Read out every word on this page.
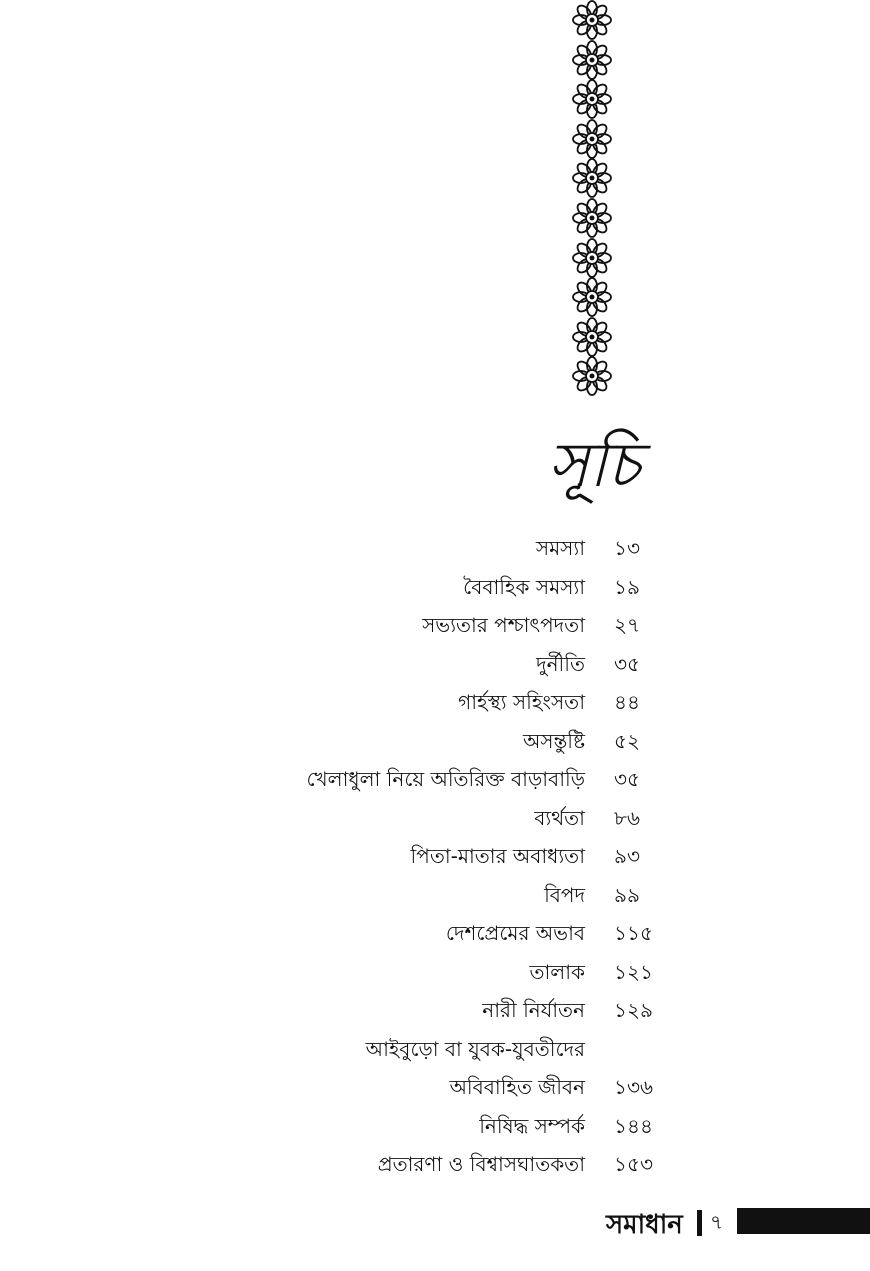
সূচি
সমস্যা ১৩
বৈবাহিক সমস্যা ১৯
সভ্যতার পশ্চাৎপদতা ২৭
দুর্নীতি ৩৫
গার্হস্থ্য সহিংসতা ৪৪
অসন্তুষ্টি ৫২
খেলাধুলা নিয়ে অতিরিক্ত বাড়াবাড়ি ৩৫
ব্যর্থতা ৮৬
পিতা-মাতার অবাধ্যতা ৯৩
বিপদ ৯৯
দেশপ্রেমের অভাব ১১৫
তালাক ১২১
নারী নির্যাতন ১২৯
আইবুড়ো বা যুবক-যুবতীদের
অবিবাহিত জীবন ১৩৬
নিষিদ্ধ সম্পর্ক ১৪৪
প্রতারণা ও বিশ্বাসঘাতকতা ১৫৩
সমাধান ৭
